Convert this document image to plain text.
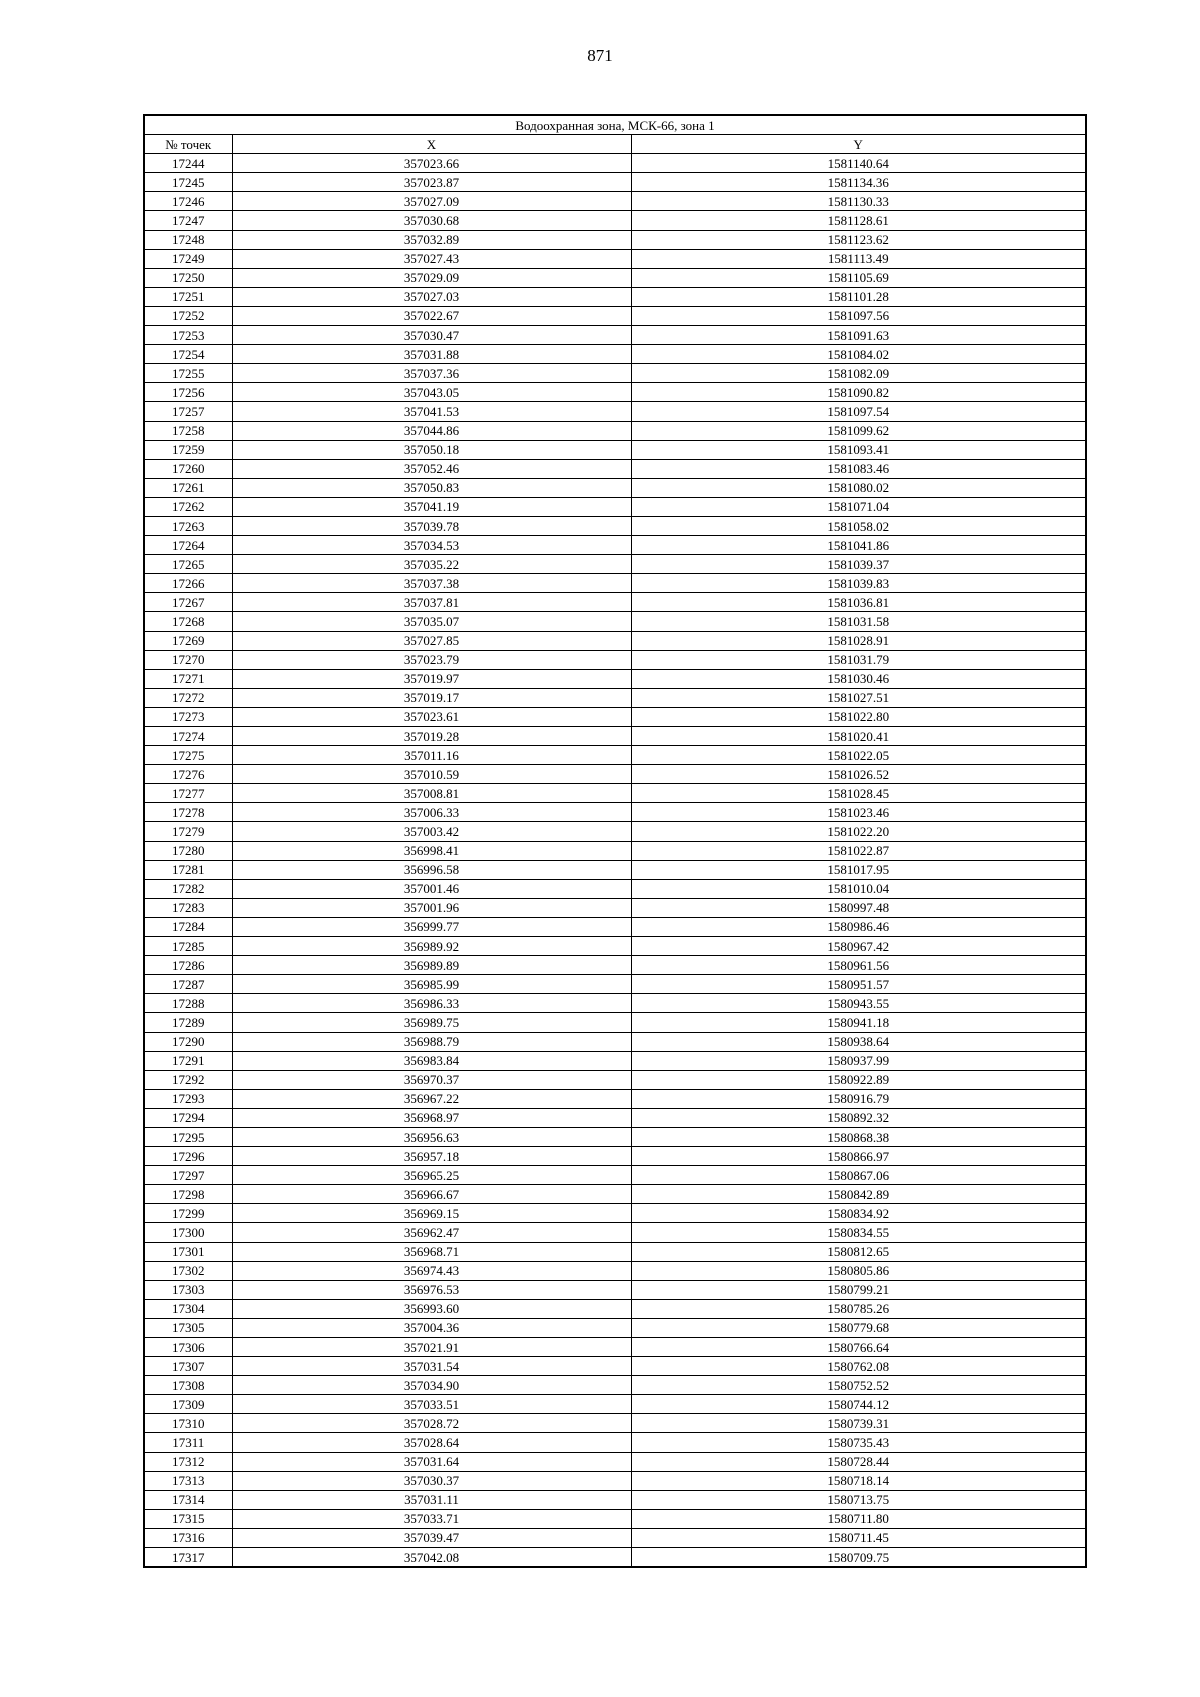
871
Водоохранная зона, МСК-66, зона 1		
№ точек	X	Y
17244	357023.66	1581140.64
17245	357023.87	1581134.36
17246	357027.09	1581130.33
17247	357030.68	1581128.61
17248	357032.89	1581123.62
17249	357027.43	1581113.49
17250	357029.09	1581105.69
17251	357027.03	1581101.28
17252	357022.67	1581097.56
17253	357030.47	1581091.63
17254	357031.88	1581084.02
17255	357037.36	1581082.09
17256	357043.05	1581090.82
17257	357041.53	1581097.54
17258	357044.86	1581099.62
17259	357050.18	1581093.41
17260	357052.46	1581083.46
17261	357050.83	1581080.02
17262	357041.19	1581071.04
17263	357039.78	1581058.02
17264	357034.53	1581041.86
17265	357035.22	1581039.37
17266	357037.38	1581039.83
17267	357037.81	1581036.81
17268	357035.07	1581031.58
17269	357027.85	1581028.91
17270	357023.79	1581031.79
17271	357019.97	1581030.46
17272	357019.17	1581027.51
17273	357023.61	1581022.80
17274	357019.28	1581020.41
17275	357011.16	1581022.05
17276	357010.59	1581026.52
17277	357008.81	1581028.45
17278	357006.33	1581023.46
17279	357003.42	1581022.20
17280	356998.41	1581022.87
17281	356996.58	1581017.95
17282	357001.46	1581010.04
17283	357001.96	1580997.48
17284	356999.77	1580986.46
17285	356989.92	1580967.42
17286	356989.89	1580961.56
17287	356985.99	1580951.57
17288	356986.33	1580943.55
17289	356989.75	1580941.18
17290	356988.79	1580938.64
17291	356983.84	1580937.99
17292	356970.37	1580922.89
17293	356967.22	1580916.79
17294	356968.97	1580892.32
17295	356956.63	1580868.38
17296	356957.18	1580866.97
17297	356965.25	1580867.06
17298	356966.67	1580842.89
17299	356969.15	1580834.92
17300	356962.47	1580834.55
17301	356968.71	1580812.65
17302	356974.43	1580805.86
17303	356976.53	1580799.21
17304	356993.60	1580785.26
17305	357004.36	1580779.68
17306	357021.91	1580766.64
17307	357031.54	1580762.08
17308	357034.90	1580752.52
17309	357033.51	1580744.12
17310	357028.72	1580739.31
17311	357028.64	1580735.43
17312	357031.64	1580728.44
17313	357030.37	1580718.14
17314	357031.11	1580713.75
17315	357033.71	1580711.80
17316	357039.47	1580711.45
17317	357042.08	1580709.75
